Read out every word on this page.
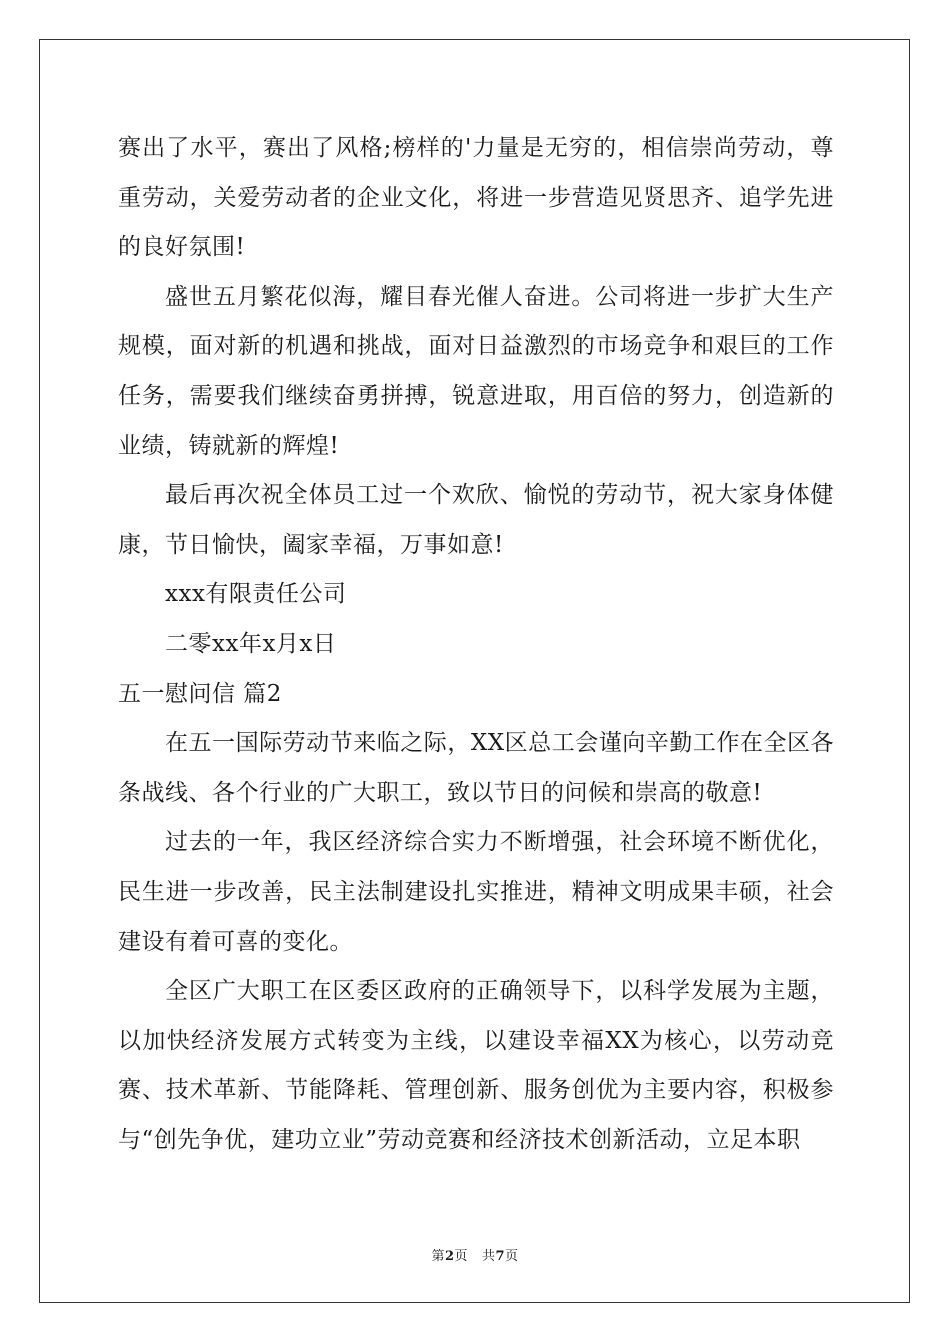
赛出了水平，赛出了风格;榜样的'力量是无穷的，相信崇尚劳动，尊重劳动，关爱劳动者的企业文化，将进一步营造见贤思齐、追学先进的良好氛围!

盛世五月繁花似海，耀目春光催人奋进。公司将进一步扩大生产规模，面对新的机遇和挑战，面对日益激烈的市场竞争和艰巨的工作任务，需要我们继续奋勇拼搏，锐意进取，用百倍的努力，创造新的业绩，铸就新的辉煌!

最后再次祝全体员工过一个欢欣、愉悦的劳动节，祝大家身体健康，节日愉快，阖家幸福，万事如意!

xxx有限责任公司

二零xx年x月x日

五一慰问信 篇2

在五一国际劳动节来临之际，XX区总工会谨向辛勤工作在全区各条战线、各个行业的广大职工，致以节日的问候和崇高的敬意!

过去的一年，我区经济综合实力不断增强，社会环境不断优化，民生进一步改善，民主法制建设扎实推进，精神文明成果丰硕，社会建设有着可喜的变化。

全区广大职工在区委区政府的正确领导下，以科学发展为主题，以加快经济发展方式转变为主线，以建设幸福XX为核心，以劳动竞赛、技术革新、节能降耗、管理创新、服务创优为主要内容，积极参与“创先争优，建功立业”劳动竞赛和经济技术创新活动，立足本职

第2页 共7页
